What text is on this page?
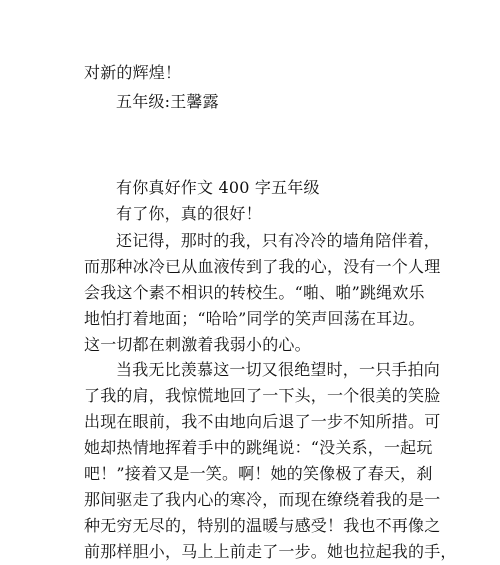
对新的辉煌！
五年级:王馨露
有你真好作文 400 字五年级
有了你，真的很好！
还记得，那时的我，只有冷冷的墙角陪伴着，
而那种冰冷已从血液传到了我的心，没有一个人理
会我这个素不相识的转校生。“啪、啪”跳绳欢乐
地怕打着地面；“哈哈”同学的笑声回荡在耳边。
这一切都在刺激着我弱小的心。
当我无比羡慕这一切又很绝望时，一只手拍向
了我的肩，我惊慌地回了一下头，一个很美的笑脸
出现在眼前，我不由地向后退了一步不知所措。可
她却热情地挥着手中的跳绳说：“没关系，一起玩
吧！”接着又是一笑。啊！她的笑像极了春天，刹
那间驱走了我内心的寒冷，而现在缭绕着我的是一
种无穷无尽的，特别的温暖与感受！我也不再像之
前那样胆小，马上上前走了一步。她也拉起我的手，
